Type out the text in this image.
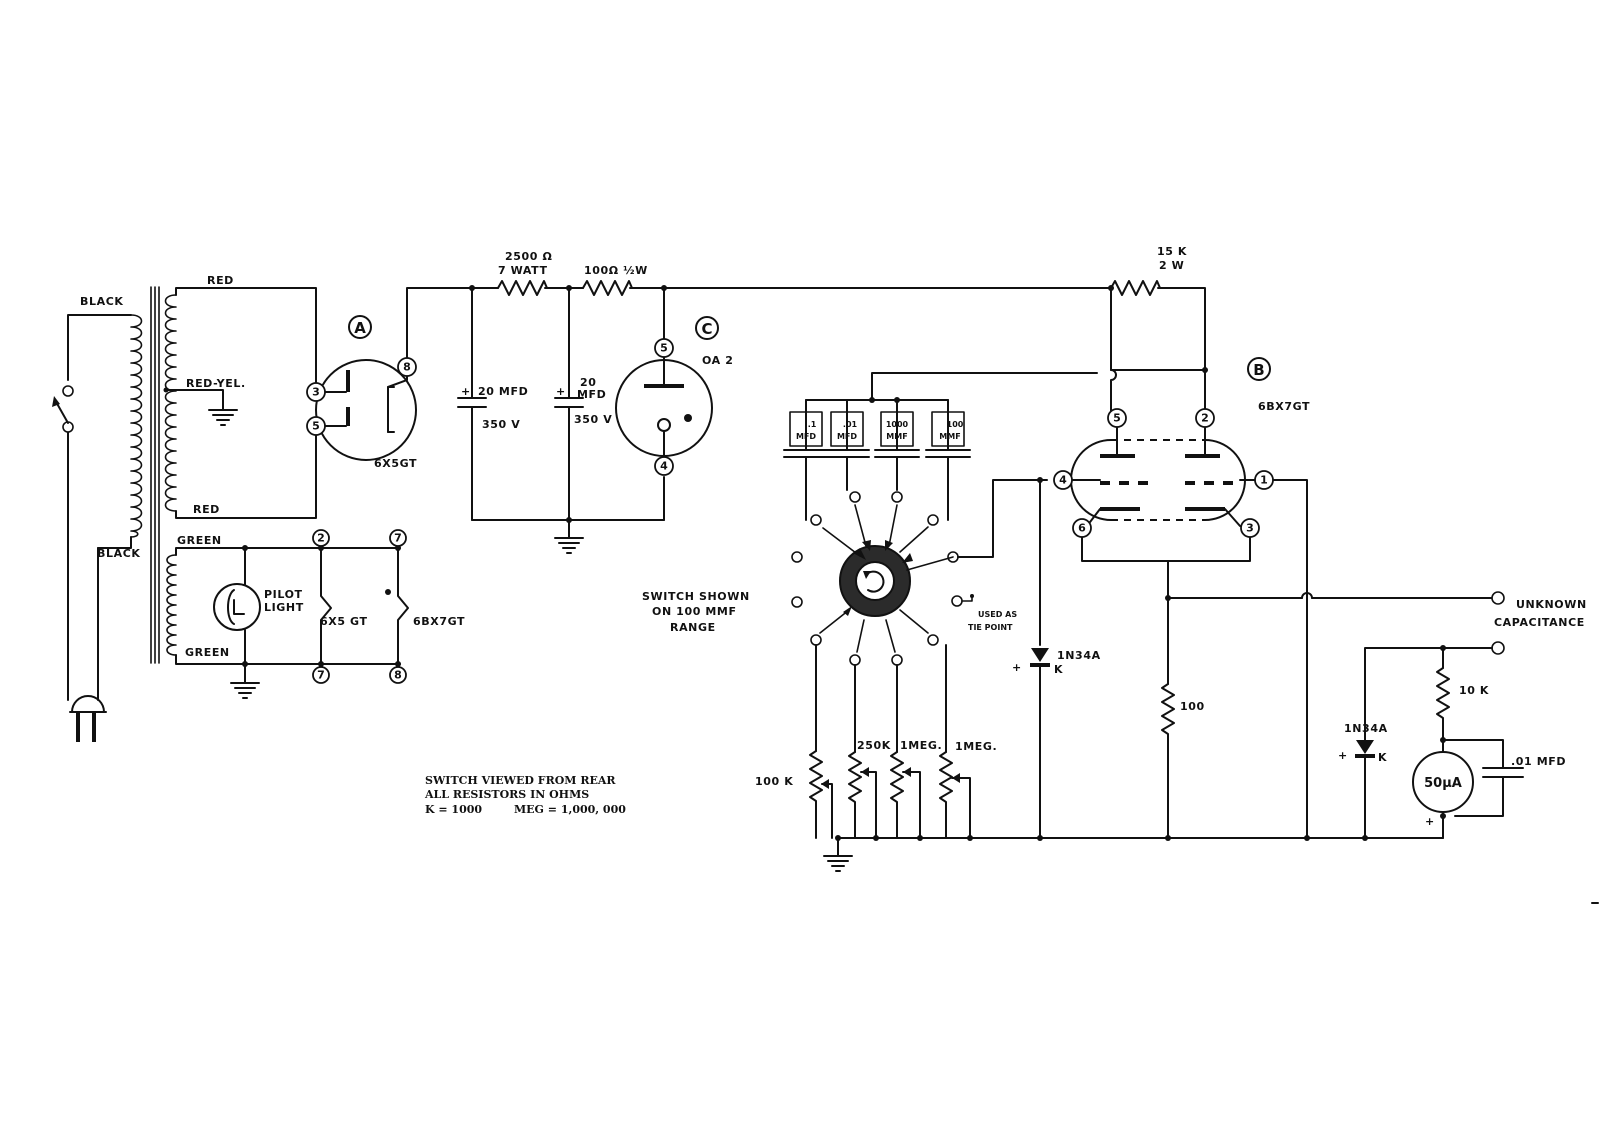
BLACK
BLACK
RED
RED-YEL.
RED
GREEN
GREEN
PILOT
LIGHT
6X5 GT	6BX7GT
2
7
7
8
3
5
8
A
6X5GT
2500 Ω
7 WATT	100Ω ½W
+ 20 MFD
350 V
+
20
MFD
350 V
15 K
2 W
5
4
C
OA 2
.1
MFD
.01
MFD
1000
MMF
100
MMF
SWITCH SHOWN
ON 100 MMF
RANGE
USED AS
TIE POINT
100 K
250K 1MEG. 1MEG.
1N34A
+	K
5	2
4	1
6	3
B
6BX7GT
100
UNKNOWN
CAPACITANCE
10 K
1N34A
+	K
50μA
+
.01 MFD
SWITCH VIEWED FROM REAR
ALL RESISTORS IN OHMS
K = 1000	MEG = 1,000, 000
